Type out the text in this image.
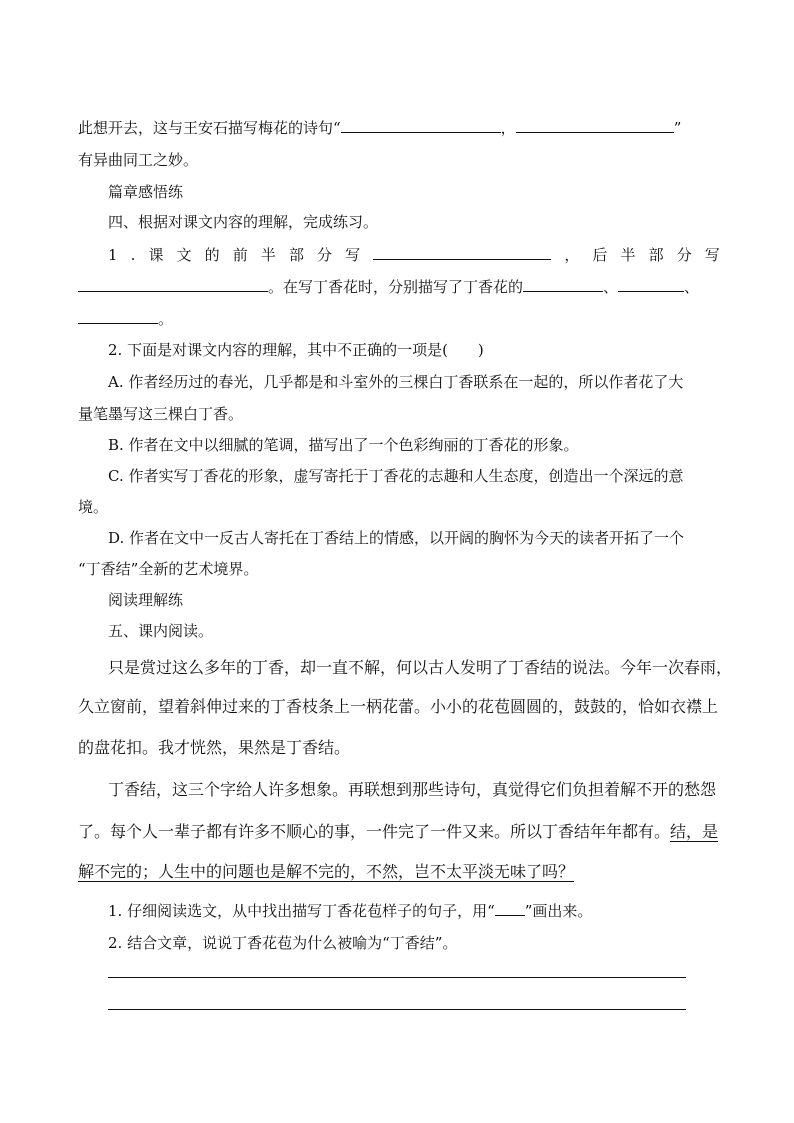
此想开去，这与王安石描写梅花的诗句“	，	”
有异曲同工之妙。
篇章感悟练
四、根据对课文内容的理解，完成练习。
1 . 课 文 的 前 半 部 分 写	， 后 半 部 分 写
。在写丁香花时，分别描写了丁香花的	、	、
。
2. 下面是对课文内容的理解，其中不正确的一项是(　　)
A. 作者经历过的春光，几乎都是和斗室外的三棵白丁香联系在一起的，所以作者花了大
量笔墨写这三棵白丁香。
B. 作者在文中以细腻的笔调，描写出了一个色彩绚丽的丁香花的形象。
C. 作者实写丁香花的形象，虚写寄托于丁香花的志趣和人生态度，创造出一个深远的意
境。
D. 作者在文中一反古人寄托在丁香结上的情感，以开阔的胸怀为今天的读者开拓了一个
“丁香结”全新的艺术境界。
阅读理解练
五、课内阅读。
只是赏过这么多年的丁香，却一直不解，何以古人发明了丁香结的说法。今年一次春雨，
久立窗前，望着斜伸过来的丁香枝条上一柄花蕾。小小的花苞圆圆的，鼓鼓的，恰如衣襟上
的盘花扣。我才恍然，果然是丁香结。
丁香结，这三个字给人许多想象。再联想到那些诗句，真觉得它们负担着解不开的愁怨
了。每个人一辈子都有许多不顺心的事，一件完了一件又来。所以丁香结年年都有。结，是
解不完的；人生中的问题也是解不完的，不然，岂不太平淡无味了吗？
1. 仔细阅读选文，从中找出描写丁香花苞样子的句子，用“ ”画出来。
2. 结合文章，说说丁香花苞为什么被喻为“丁香结”。
